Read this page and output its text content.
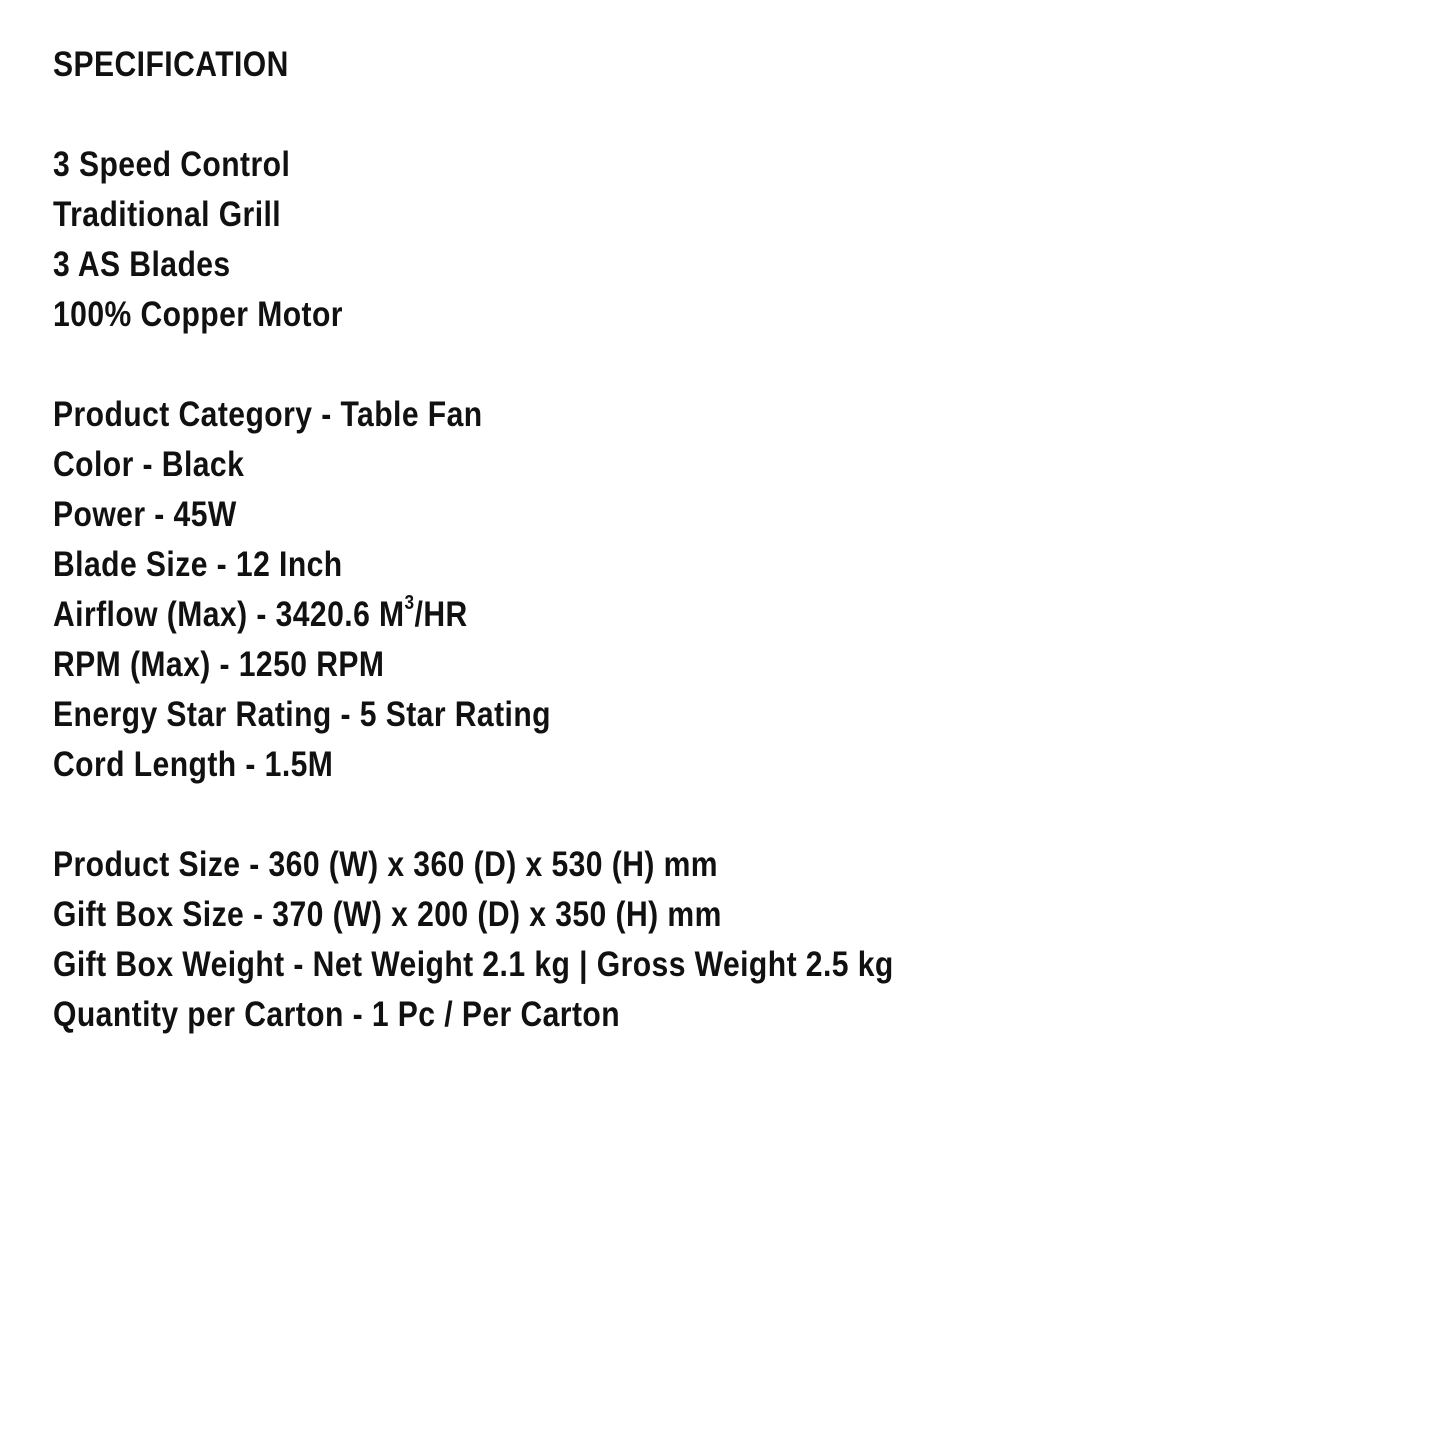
SPECIFICATION
3 Speed Control
Traditional Grill
3 AS Blades
100% Copper Motor
Product Category - Table Fan
Color - Black
Power - 45W
Blade Size - 12 Inch
Airflow (Max) - 3420.6 $M^3/HR$
RPM (Max) - 1250 RPM
Energy Star Rating - 5 Star Rating
Cord Length - 1.5M
Product Size - 360 (W) x 360 (D) x 530 (H) mm
Gift Box Size - 370 (W) x 200 (D) x 350 (H) mm
Gift Box Weight - Net Weight 2.1 kg | Gross Weight 2.5 kg
Quantity per Carton - 1 Pc / Per Carton
